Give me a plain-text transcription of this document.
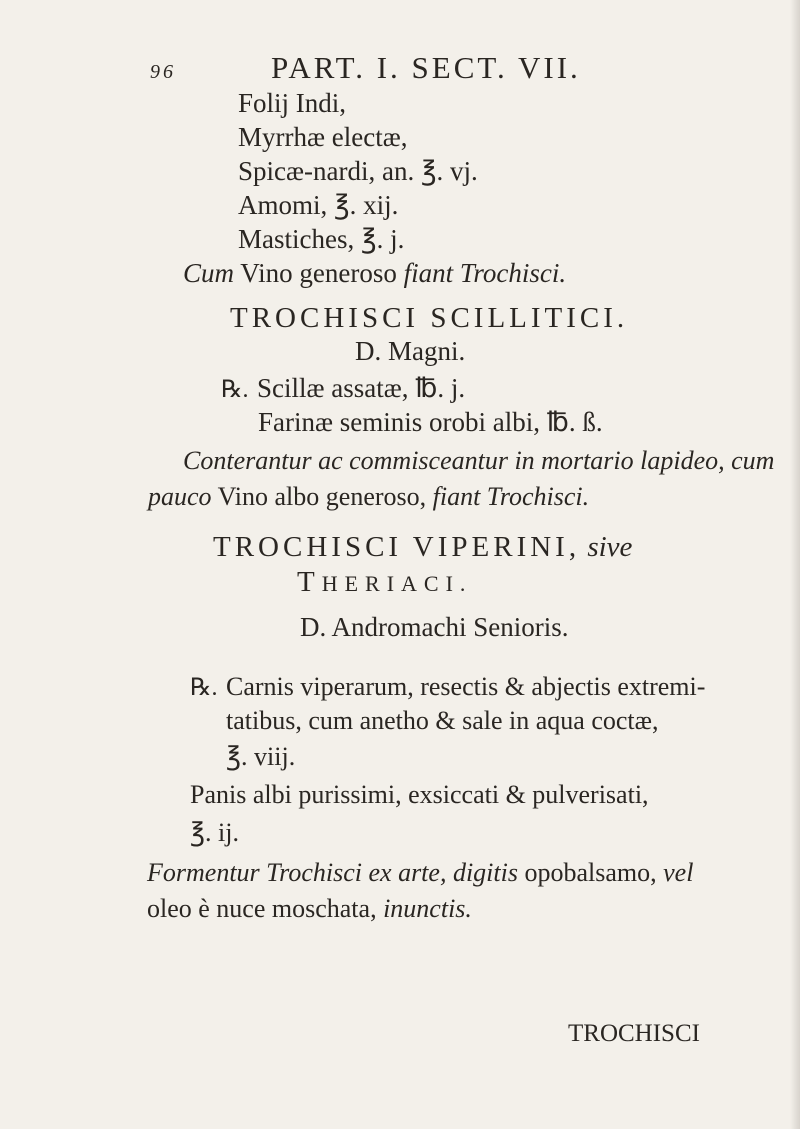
96	PART. I. SECT. VII.
Folij Indi,
Myrrhæ electæ,
Spicæ-nardi, an. ℥. vj.
Amomi, ℥. xij.
Mastiches, ℥. j.
Cum Vino generoso fiant Trochisci.
TROCHISCI SCILLITICI.
D. Magni.
℞. Scillæ assatæ, ℔. j.
Farinæ seminis orobi albi, ℔. ß.
Conterantur ac commisceantur in mortario lapideo, cum
pauco Vino albo generoso, fiant Trochisci.
TROCHISCI VIPERINI, sive
THERIACI.
D. Andromachi Senioris.
℞. Carnis viperarum, resectis & abjectis extremi-
tatibus, cum anetho & sale in aqua coctæ,
℥. viij.
Panis albi purissimi, exsiccati & pulverisati,
℥. ij.
Formentur Trochisci ex arte, digitis opobalsamo, vel
oleo è nuce moschata, inunctis.
TROCHISCI
